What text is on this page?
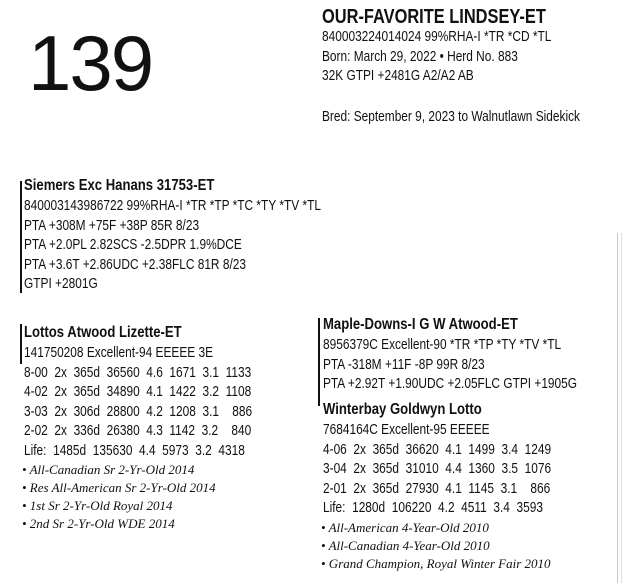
139
OUR-FAVORITE LINDSEY-ET
840003224014024 99%RHA-I *TR *CD *TL
Born: March 29, 2022 • Herd No. 883
32K GTPI +2481G A2/A2 AB
Bred: September 9, 2023 to Walnutlawn Sidekick
Siemers Exc Hanans 31753-ET
840003143986722 99%RHA-I *TR *TP *TC *TY *TV *TL
PTA +308M +75F +38P 85R 8/23
PTA +2.0PL 2.82SCS -2.5DPR 1.9%DCE
PTA +3.6T +2.86UDC +2.38FLC 81R 8/23
GTPI +2801G
Lottos Atwood Lizette-ET
141750208 Excellent-94 EEEEE 3E
8-00  2x  365d  36560  4.6  1671  3.1  1133
4-02  2x  365d  34890  4.1  1422  3.2  1108
3-03  2x  306d  28800  4.2  1208  3.1    886
2-02  2x  336d  26380  4.3  1142  3.2    840
Life:  1485d  135630  4.4  5973  3.2  4318
• All-Canadian Sr 2-Yr-Old 2014
• Res All-American Sr 2-Yr-Old 2014
• 1st Sr 2-Yr-Old Royal 2014
• 2nd Sr 2-Yr-Old WDE 2014
Maple-Downs-I G W Atwood-ET
8956379C Excellent-90 *TR *TP *TY *TV *TL
PTA -318M +11F -8P 99R 8/23
PTA +2.92T +1.90UDC +2.05FLC GTPI +1905G
Winterbay Goldwyn Lotto
7684164C Excellent-95 EEEEE
4-06  2x  365d  36620  4.1  1499  3.4  1249
3-04  2x  365d  31010  4.4  1360  3.5  1076
2-01  2x  365d  27930  4.1  1145  3.1    866
Life:  1280d  106220  4.2  4511  3.4  3593
• All-American 4-Year-Old 2010
• All-Canadian 4-Year-Old 2010
• Grand Champion, Royal Winter Fair 2010
